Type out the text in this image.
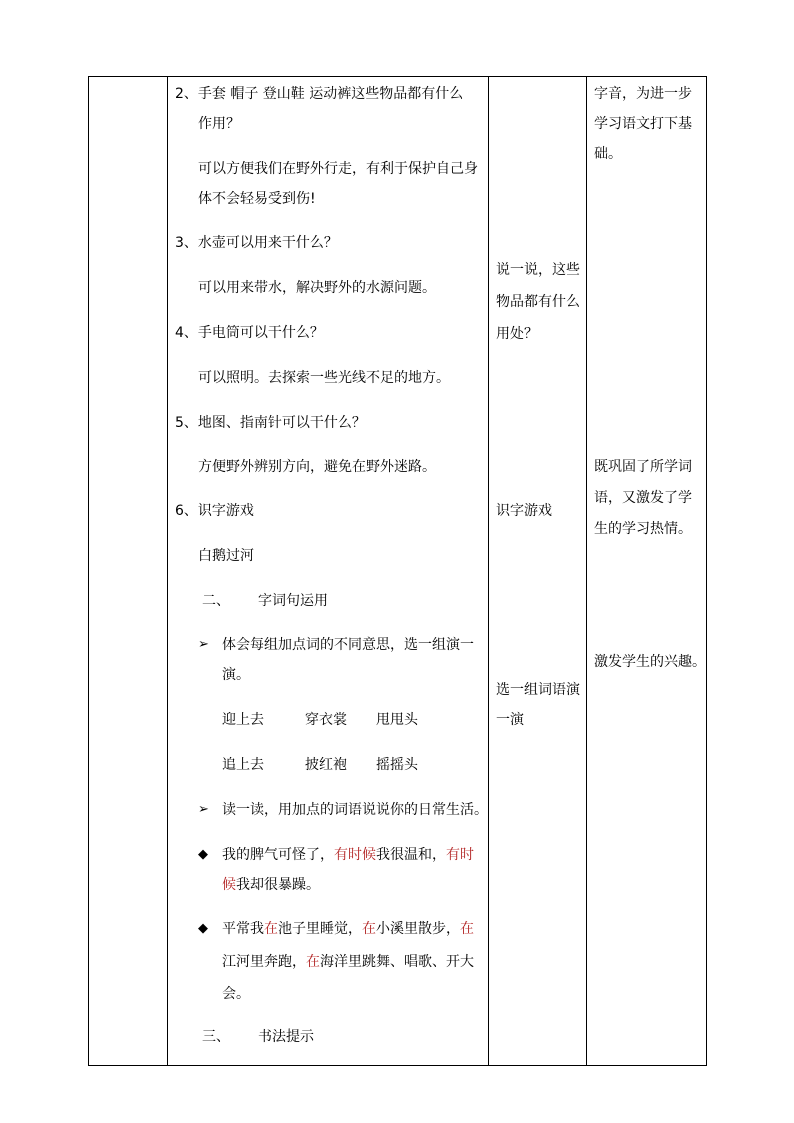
2、手套 帽子 登山鞋 运动裤这些物品都有什么
作用？
可以方便我们在野外行走，有利于保护自己身
体不会轻易受到伤!
3、水壶可以用来干什么？
可以用来带水，解决野外的水源问题。
4、手电筒可以干什么？
可以照明。去探索一些光线不足的地方。
5、地图、指南针可以干什么？
方便野外辨别方向，避免在野外迷路。
6、识字游戏
白鹅过河
二、 字词句运用
➢ 体会每组加点词的不同意思，选一组演一
演。
迎上去	穿衣裳 甩甩头
追上去	披红袍 摇摇头
➢ 读一读，用加点的词语说说你的日常生活。
◆ 我的脾气可怪了，有时候我很温和，有时
候我却很暴躁。
◆ 平常我在池子里睡觉，在小溪里散步，在
江河里奔跑，在海洋里跳舞、唱歌、开大
会。
三、 书法提示
说一说，这些
物品都有什么
用处？
识字游戏
选一组词语演
一演
字音，为进一步
学习语文打下基
础。
既巩固了所学词
语，又激发了学
生的学习热情。
激发学生的兴趣。
